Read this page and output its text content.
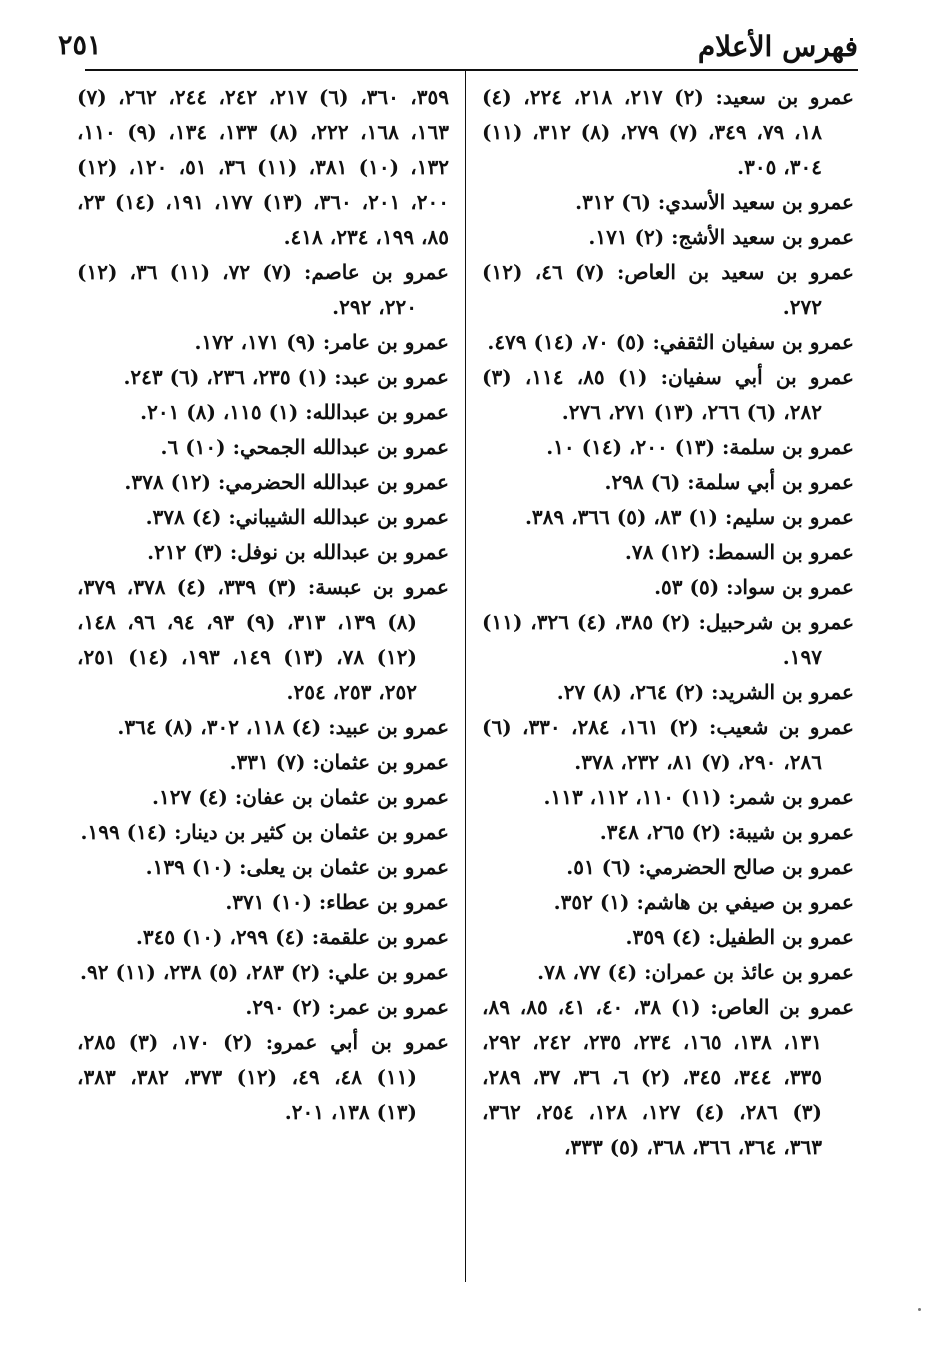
فهرس الأعلام
٢٥١
عمرو بن سعيد: (٢) ٢١٧، ٢١٨، ٢٢٤، (٤) ١٨، ٧٩، ٣٤٩، (٧) ٢٧٩، (٨) ٣١٢، (١١) ٣٠٤، ٣٠٥.
عمرو بن سعيد الأسدي: (٦) ٣١٢.
عمرو بن سعيد الأشج: (٢) ١٧١.
عمرو بن سعيد بن العاص: (٧) ٤٦، (١٢) ٢٧٢.
عمرو بن سفيان الثقفي: (٥) ٧٠، (١٤) ٤٧٩.
عمرو بن أبي سفيان: (١) ٨٥، ١١٤، (٣) ٢٨٢، (٦) ٢٦٦، (١٣) ٢٧١، ٢٧٦.
عمرو بن سلمة: (١٣) ٢٠٠، (١٤) ١٠.
عمرو بن أبي سلمة: (٦) ٢٩٨.
عمرو بن سليم: (١) ٨٣، (٥) ٣٦٦، ٣٨٩.
عمرو بن السمط: (١٢) ٧٨.
عمرو بن سواد: (٥) ٥٣.
عمرو بن شرحبيل: (٢) ٣٨٥، (٤) ٣٢٦، (١١) ١٩٧.
عمرو بن الشريد: (٢) ٢٦٤، (٨) ٢٧.
عمرو بن شعيب: (٢) ١٦١، ٢٨٤، ٣٣٠، (٦) ٢٨٦، ٢٩٠، (٧) ٨١، ٢٣٢، ٣٧٨.
عمرو بن شمر: (١١) ١١٠، ١١٢، ١١٣.
عمرو بن شيبة: (٢) ٢٦٥، ٣٤٨.
عمرو بن صالح الحضرمي: (٦) ٥١.
عمرو بن صيفي بن هاشم: (١) ٣٥٢.
عمرو بن الطفيل: (٤) ٣٥٩.
عمرو بن عائذ بن عمران: (٤) ٧٧، ٧٨.
عمرو بن العاص: (١) ٣٨، ٤٠، ٤١، ٨٥، ٨٩، ١٣١، ١٣٨، ١٦٥، ٢٣٤، ٢٣٥، ٢٤٢، ٢٩٢، ٣٣٥، ٣٤٤، ٣٤٥، (٢) ٦، ٣٦، ٣٧، ٢٨٩، (٣) ٢٨٦، (٤) ١٢٧، ١٢٨، ٢٥٤، ٣٦٢، ٣٦٣، ٣٦٤، ٣٦٦، ٣٦٨، (٥) ٣٣٣،
٣٥٩، ٣٦٠، (٦) ٢١٧، ٢٤٢، ٢٤٤، ٢٦٢، (٧) ١٦٣، ١٦٨، ٢٢٢، (٨) ١٣٣، ١٣٤، (٩) ١١٠، ١٣٢، (١٠) ٣٨١، (١١) ٣٦، ٥١، ١٢٠، (١٢) ٢٠٠، ٢٠١، ٣٦٠، (١٣) ١٧٧، ١٩١، (١٤) ٢٣، ٨٥، ١٩٩، ٢٣٤، ٤١٨.
عمرو بن عاصم: (٧) ٧٢، (١١) ٣٦، (١٢) ٢٢٠، ٢٩٢.
عمرو بن عامر: (٩) ١٧١، ١٧٢.
عمرو بن عبد: (١) ٢٣٥، ٢٣٦، (٦) ٢٤٣.
عمرو بن عبدالله: (١) ١١٥، (٨) ٢٠١.
عمرو بن عبدالله الجمحي: (١٠) ٦.
عمرو بن عبدالله الحضرمي: (١٢) ٣٧٨.
عمرو بن عبدالله الشيباني: (٤) ٣٧٨.
عمرو بن عبدالله بن نوفل: (٣) ٢١٢.
عمرو بن عبسة: (٣) ٣٣٩، (٤) ٣٧٨، ٣٧٩، (٨) ١٣٩، ٣١٣، (٩) ٩٣، ٩٤، ٩٦، ١٤٨، (١٢) ٧٨، (١٣) ١٤٩، ١٩٣، (١٤) ٢٥١، ٢٥٢، ٢٥٣، ٢٥٤.
عمرو بن عبيد: (٤) ١١٨، ٣٠٢، (٨) ٣٦٤.
عمرو بن عثمان: (٧) ٣٣١.
عمرو بن عثمان بن عفان: (٤) ١٢٧.
عمرو بن عثمان بن كثير بن دينار: (١٤) ١٩٩.
عمرو بن عثمان بن يعلى: (١٠) ١٣٩.
عمرو بن عطاء: (١٠) ٣٧١.
عمرو بن علقمة: (٤) ٢٩٩، (١٠) ٣٤٥.
عمرو بن علي: (٢) ٢٨٣، (٥) ٢٣٨، (١١) ٩٢.
عمرو بن عمر: (٢) ٢٩٠.
عمرو بن أبي عمرو: (٢) ١٧٠، (٣) ٢٨٥، (١١) ٤٨، ٤٩، (١٢) ٣٧٣، ٣٨٢، ٣٨٣، (١٣) ١٣٨، ٢٠١.
